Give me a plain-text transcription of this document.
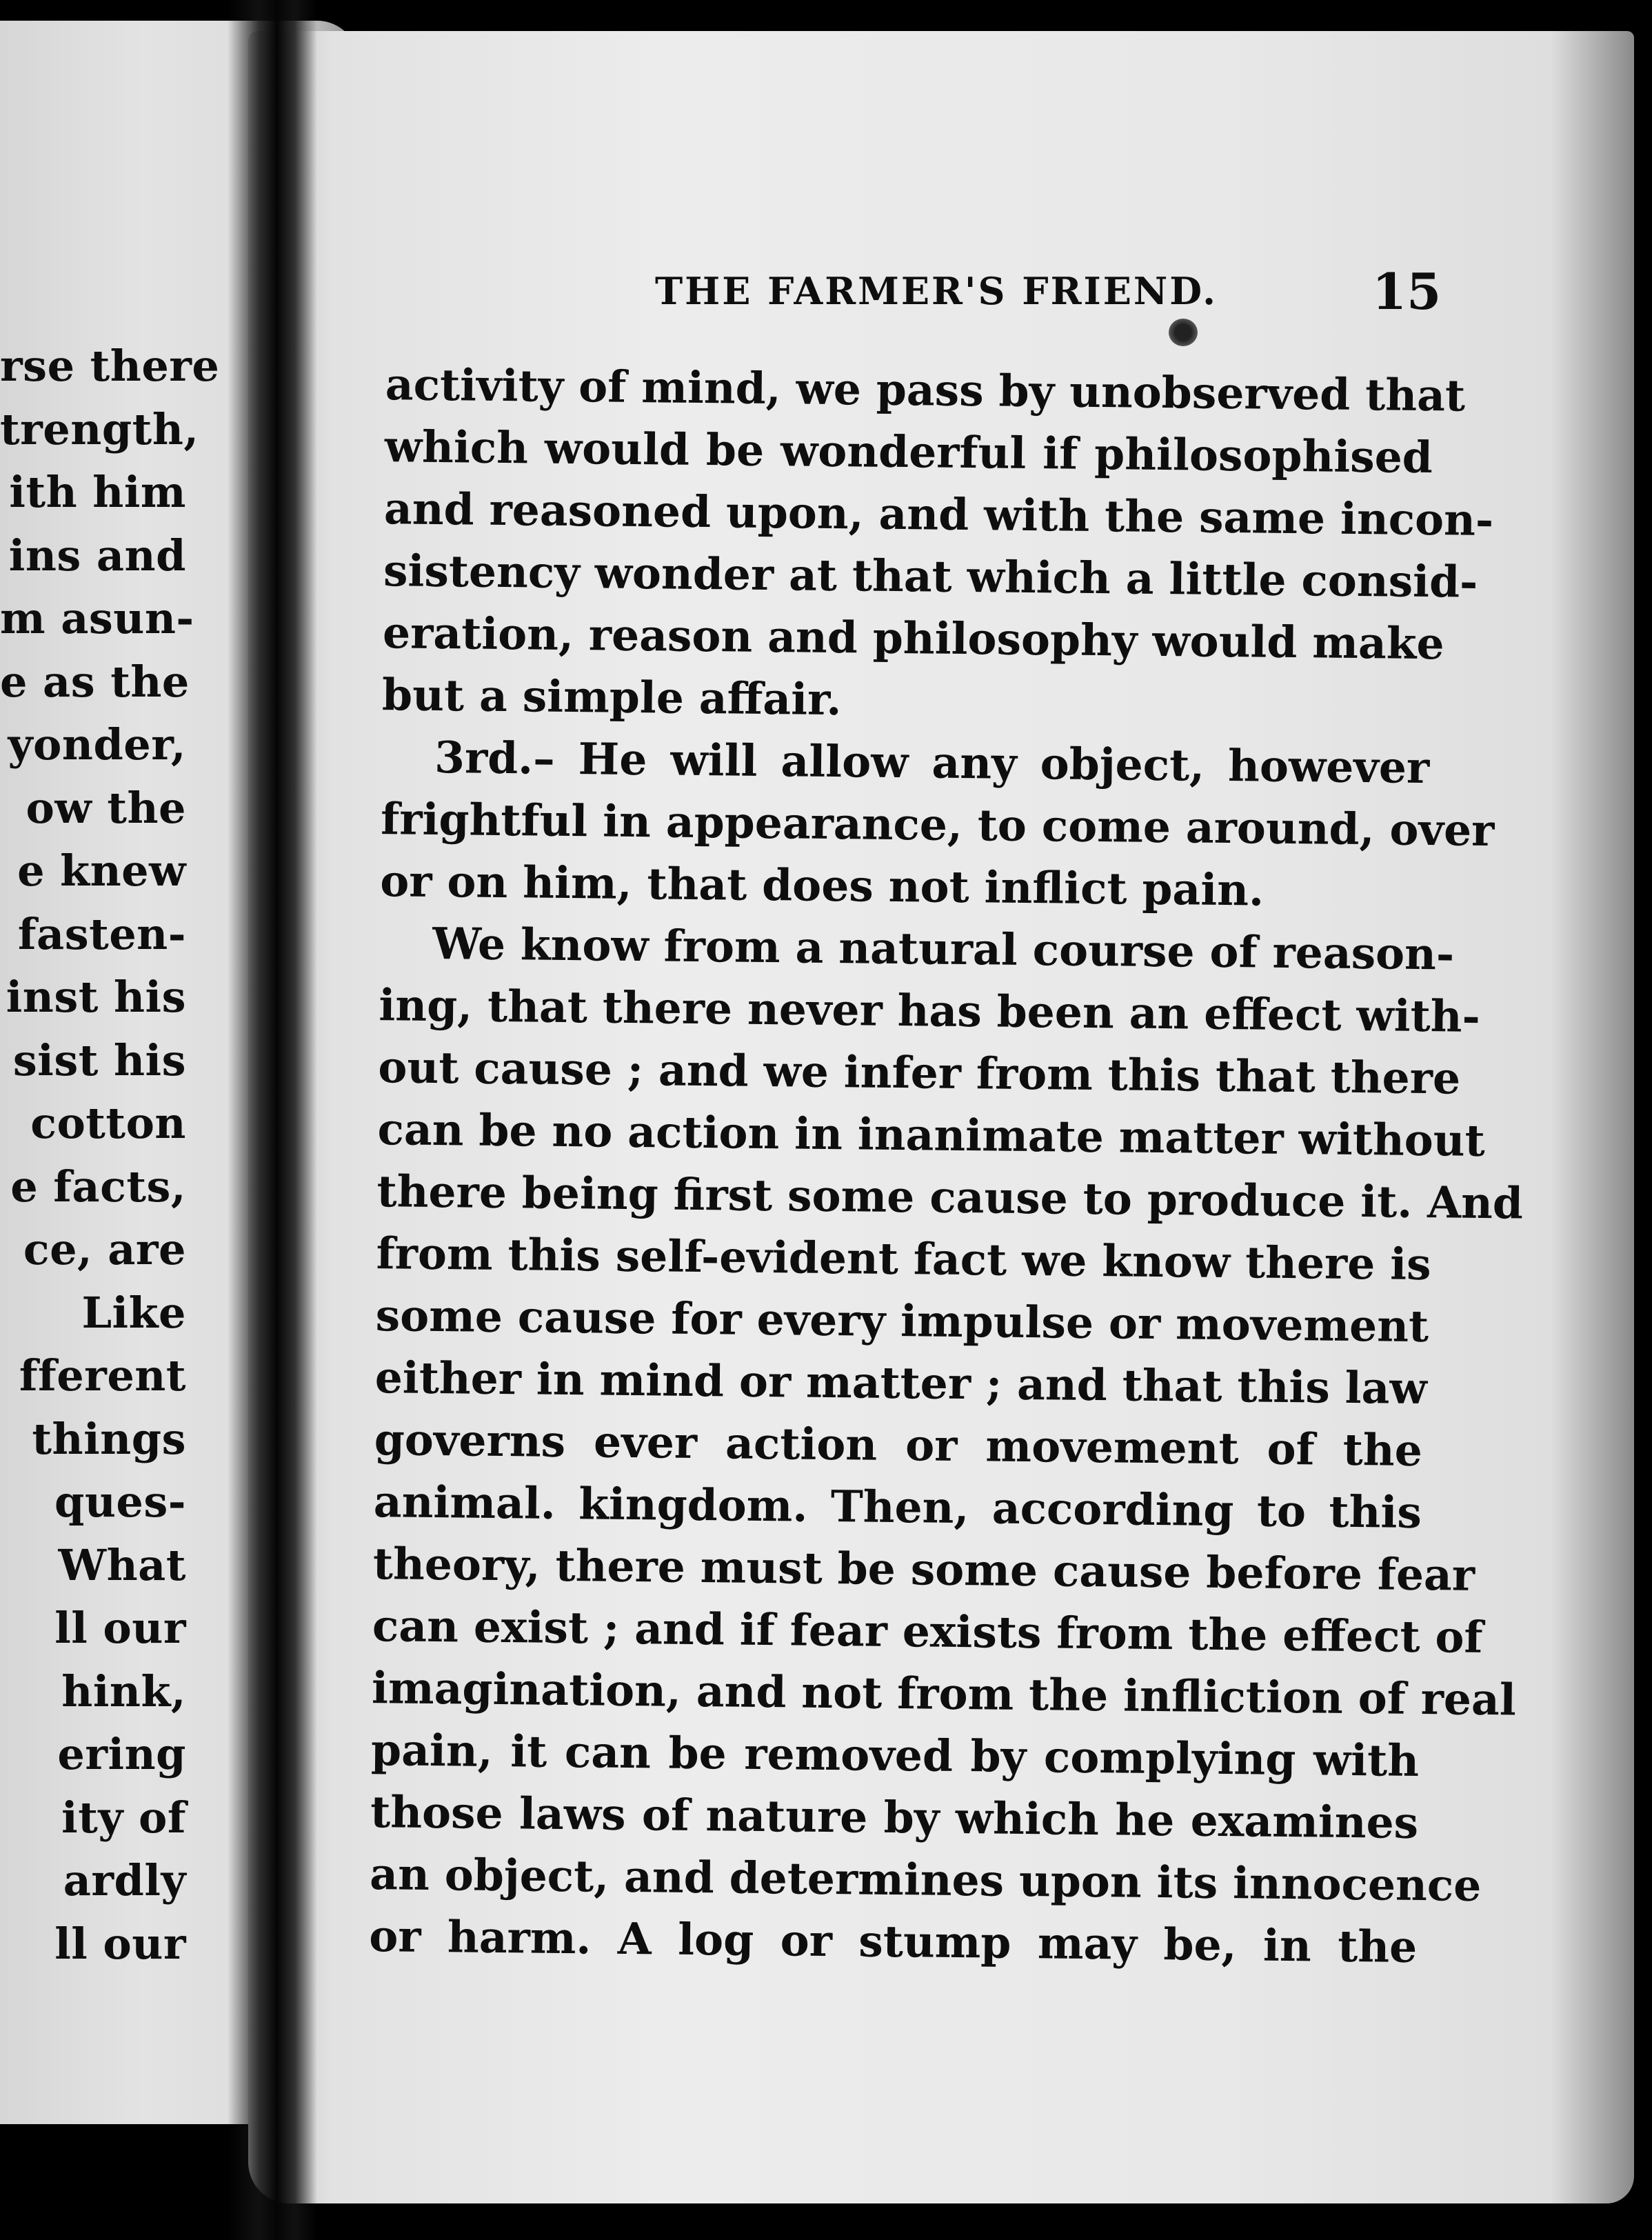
rse there
trength,
ith him
ins and
m asun-
e as the
yonder,
ow the
e knew
fasten-
inst his
sist his
cotton
e facts,
ce, are
Like
fferent
things
ques-
What
ll our
hink,
ering
ity of
ardly
ll our
THE FARMER'S FRIEND.	15
activity of mind, we pass by unobserved that
which would be wonderful if philosophised
and reasoned upon, and with the same incon-
sistency wonder at that which a little consid-
eration, reason and philosophy would make
but a simple affair.
3rd.– He will allow any object, however
frightful in appearance, to come around, over
or on him, that does not inflict pain.
We know from a natural course of reason-
ing, that there never has been an effect with-
out cause ; and we infer from this that there
can be no action in inanimate matter without
there being first some cause to produce it. And
from this self-evident fact we know there is
some cause for every impulse or movement
either in mind or matter ; and that this law
governs ever action or movement of the
animal. kingdom. Then, according to this
theory, there must be some cause before fear
can exist ; and if fear exists from the effect of
imagination, and not from the infliction of real
pain, it can be removed by complying with
those laws of nature by which he examines
an object, and determines upon its innocence
or harm. A log or stump may be, in the
